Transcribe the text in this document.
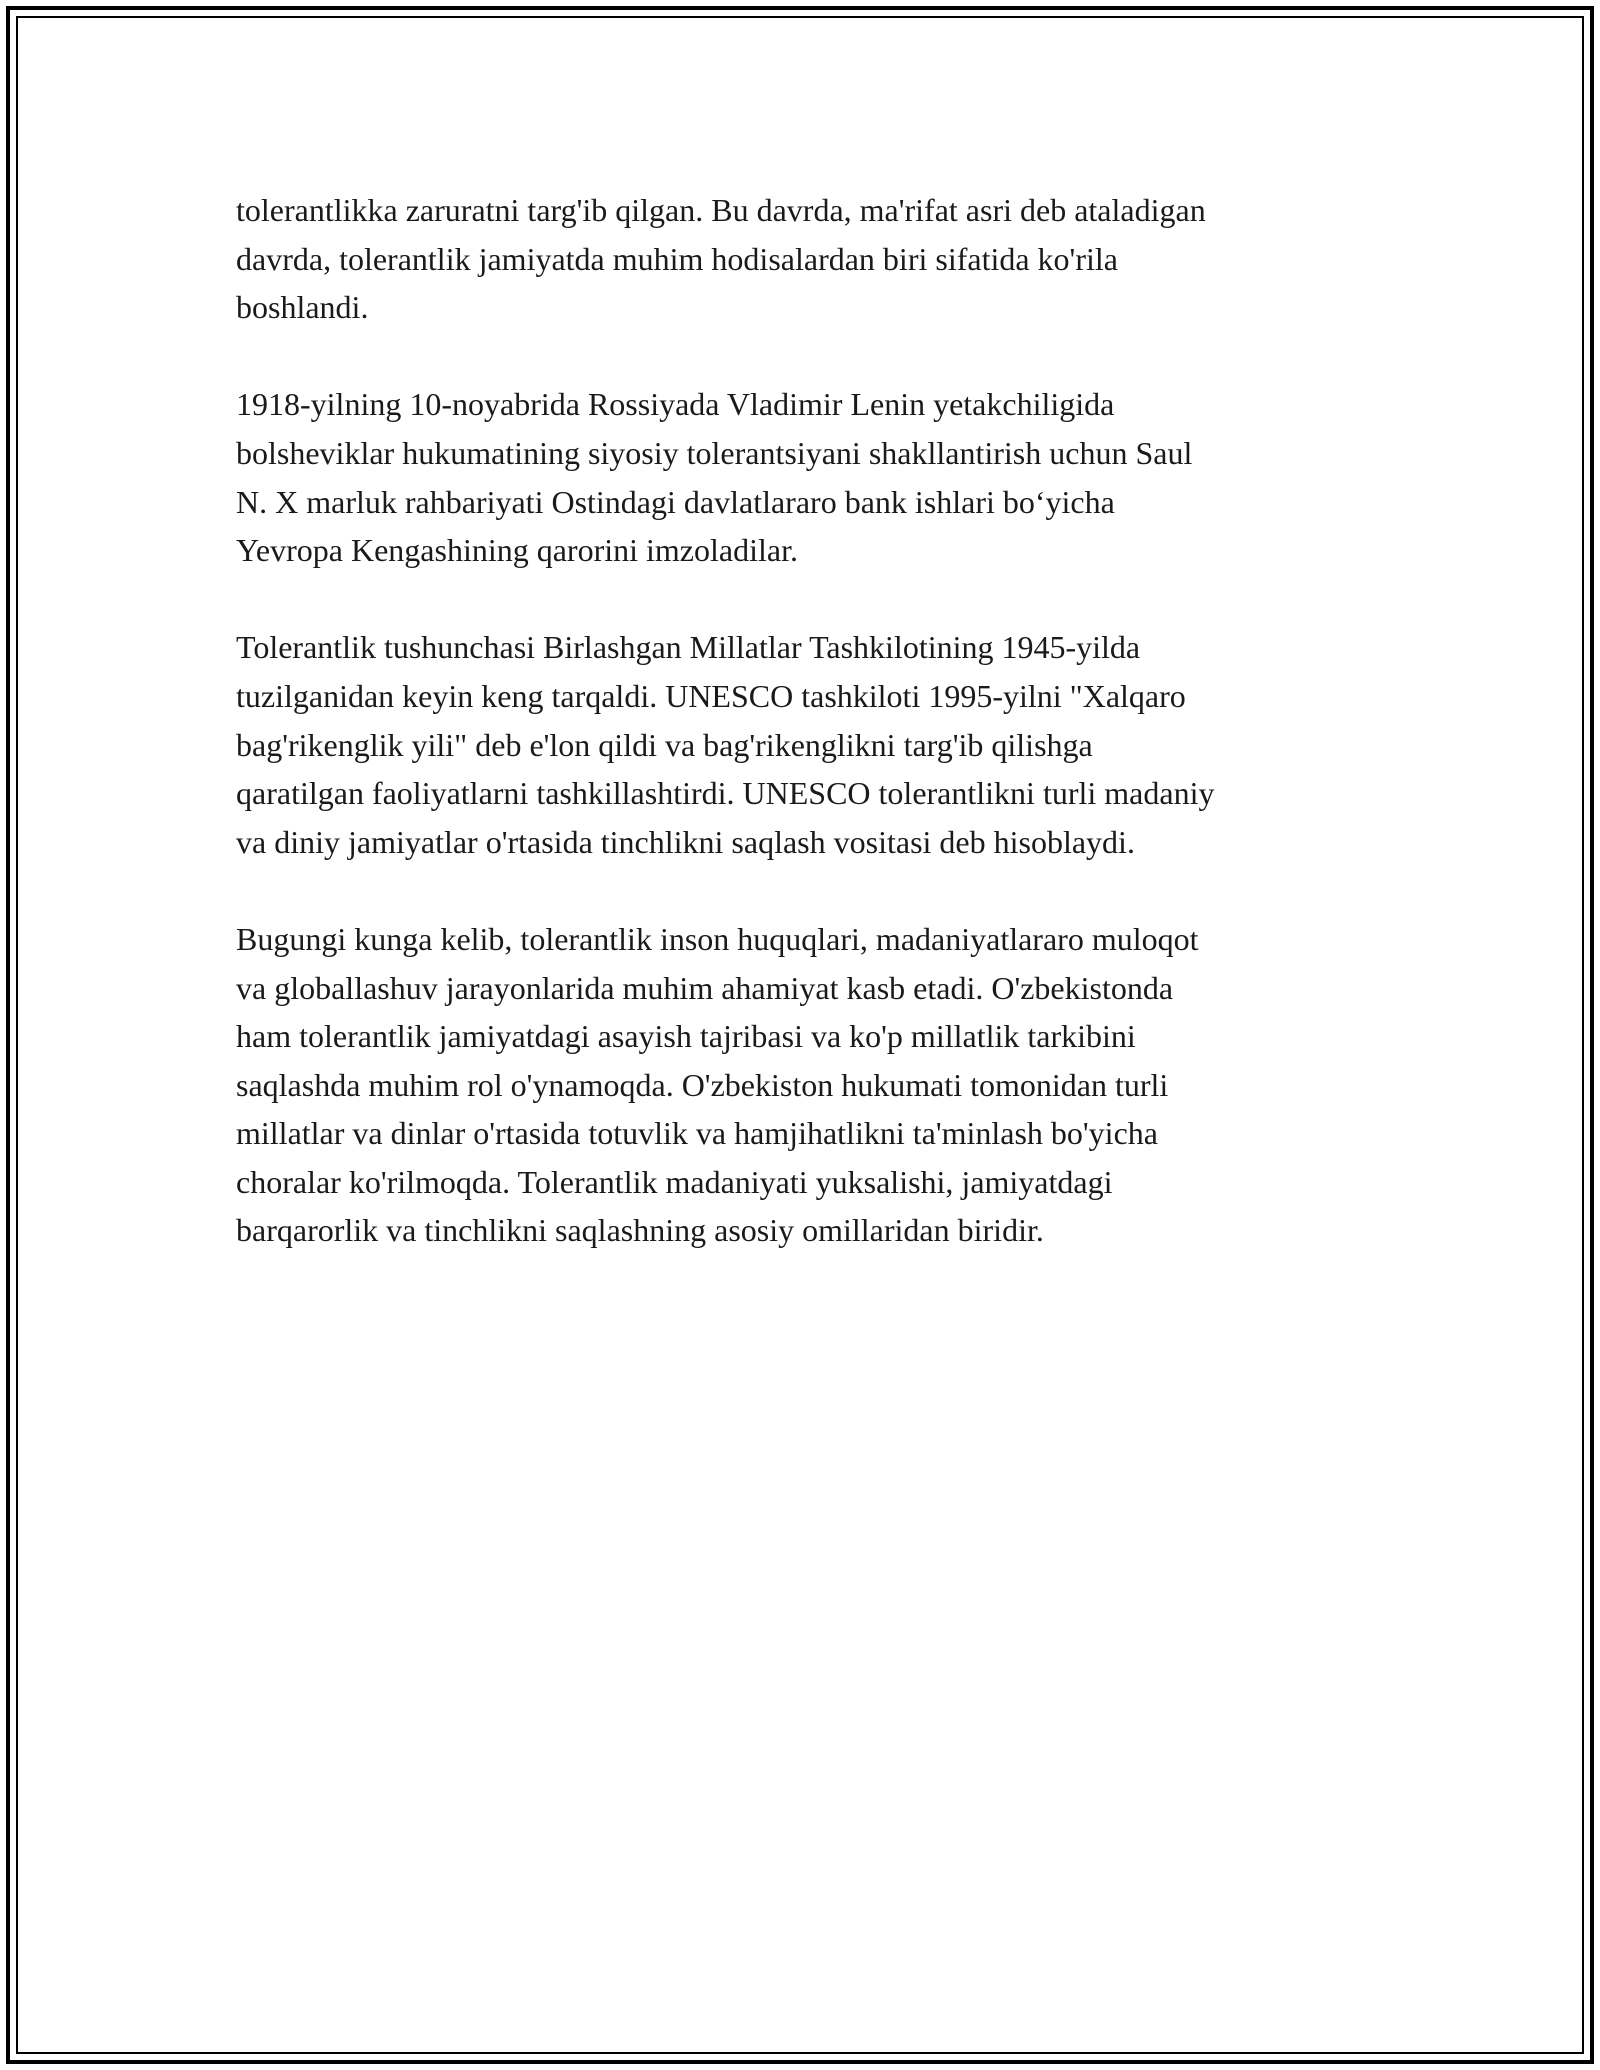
tolerantlikka zaruratni targ'ib qilgan. Bu davrda, ma'rifat asri deb ataladigan
davrda, tolerantlik jamiyatda muhim hodisalardan biri sifatida ko'rila
boshlandi.

1918-yilning 10-noyabrida Rossiyada Vladimir Lenin yetakchiligida
bolsheviklar hukumatining siyosiy tolerantsiyani shakllantirish uchun Saul
N. X marluk rahbariyati Ostindagi davlatlararo bank ishlari bo‘yicha
Yevropa Kengashining qarorini imzoladilar.

Tolerantlik tushunchasi Birlashgan Millatlar Tashkilotining 1945-yilda
tuzilganidan keyin keng tarqaldi. UNESCO tashkiloti 1995-yilni "Xalqaro
bag'rikenglik yili" deb e'lon qildi va bag'rikenglikni targ'ib qilishga
qaratilgan faoliyatlarni tashkillashtirdi. UNESCO tolerantlikni turli madaniy
va diniy jamiyatlar o'rtasida tinchlikni saqlash vositasi deb hisoblaydi.

Bugungi kunga kelib, tolerantlik inson huquqlari, madaniyatlararo muloqot
va globallashuv jarayonlarida muhim ahamiyat kasb etadi. O'zbekistonda
ham tolerantlik jamiyatdagi asayish tajribasi va ko'p millatlik tarkibini
saqlashda muhim rol o'ynamoqda. O'zbekiston hukumati tomonidan turli
millatlar va dinlar o'rtasida totuvlik va hamjihatlikni ta'minlash bo'yicha
choralar ko'rilmoqda. Tolerantlik madaniyati yuksalishi, jamiyatdagi
barqarorlik va tinchlikni saqlashning asosiy omillaridan biridir.
